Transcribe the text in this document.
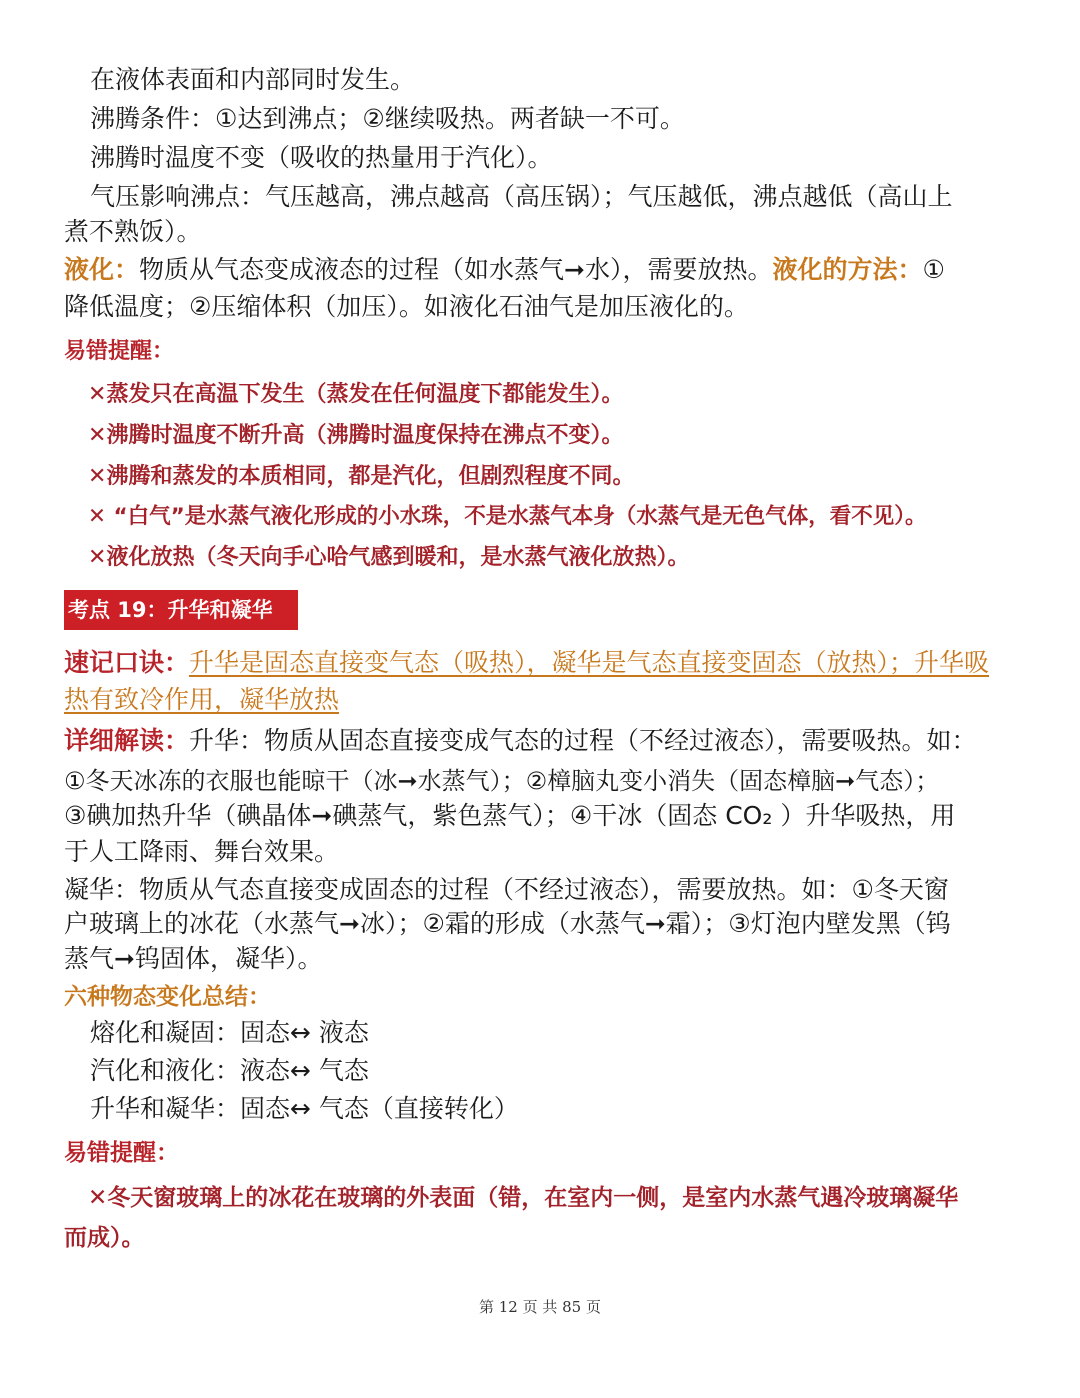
在液体表面和内部同时发生。
沸腾条件：①达到沸点；②继续吸热。两者缺一不可。
沸腾时温度不变（吸收的热量用于汽化）。
气压影响沸点：气压越高，沸点越高（高压锅）；气压越低，沸点越低（高山上
煮不熟饭）。
液化：物质从气态变成液态的过程（如水蒸气➞水），需要放热。液化的方法：①
降低温度；②压缩体积（加压）。如液化石油气是加压液化的。
易错提醒：
✕蒸发只在高温下发生（蒸发在任何温度下都能发生）。
✕沸腾时温度不断升高（沸腾时温度保持在沸点不变）。
✕沸腾和蒸发的本质相同，都是汽化，但剧烈程度不同。
✕ “白气”是水蒸气液化形成的小水珠，不是水蒸气本身（水蒸气是无色气体，看不见）。
✕液化放热（冬天向手心哈气感到暖和，是水蒸气液化放热）。
考点 19：升华和凝华
速记口诀：升华是固态直接变气态（吸热），凝华是气态直接变固态（放热）；升华吸
热有致冷作用，凝华放热
详细解读：升华：物质从固态直接变成气态的过程（不经过液态），需要吸热。如：
①冬天冰冻的衣服也能晾干（冰➞水蒸气）；②樟脑丸变小消失（固态樟脑➞气态）；
③碘加热升华（碘晶体➞碘蒸气，紫色蒸气）；④干冰（固态 CO₂ ）升华吸热，用
于人工降雨、舞台效果。
凝华：物质从气态直接变成固态的过程（不经过液态），需要放热。如：①冬天窗
户玻璃上的冰花（水蒸气➞冰）；②霜的形成（水蒸气➞霜）；③灯泡内壁发黑（钨
蒸气➞钨固体，凝华）。
六种物态变化总结：
熔化和凝固：固态↔ 液态
汽化和液化：液态↔ 气态
升华和凝华：固态↔ 气态（直接转化）
易错提醒：
✕冬天窗玻璃上的冰花在玻璃的外表面（错，在室内一侧，是室内水蒸气遇冷玻璃凝华
而成）。
第 12 页 共 85 页
